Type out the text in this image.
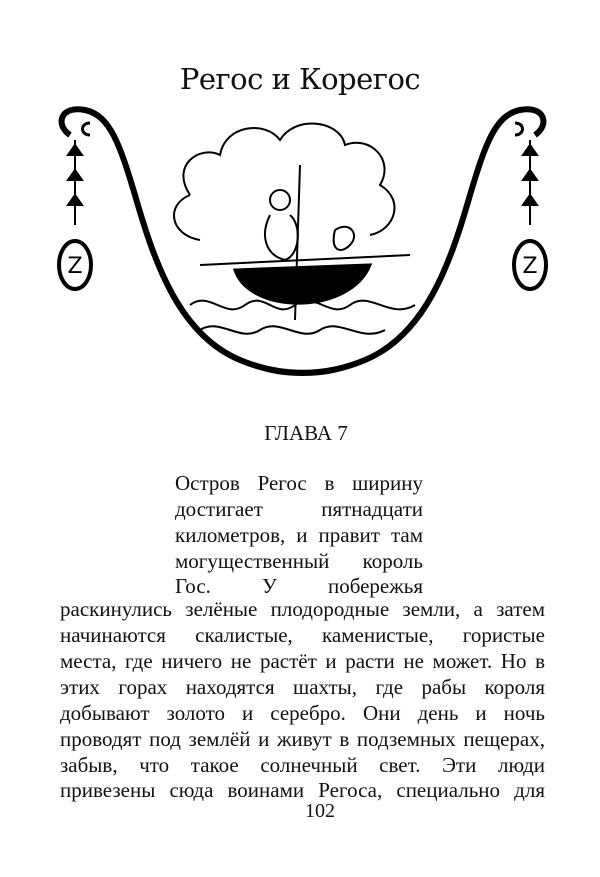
Регос и Корегос
Z	Z
ГЛАВА 7
Остров Регос в ширину
достигает пятнадцати
километров, и правит там
могущественный король
Гос. У побережья
раскинулись зелёные плодородные земли, а затем
начинаются скалистые, каменистые, гористые
места, где ничего не растёт и расти не может. Но в
этих горах находятся шахты, где рабы короля
добывают золото и серебро. Они день и ночь
проводят под землёй и живут в подземных пещерах,
забыв, что такое солнечный свет. Эти люди
привезены сюда воинами Регоса, специально для
102
